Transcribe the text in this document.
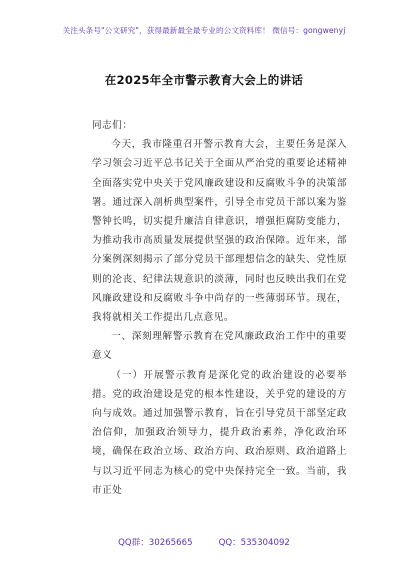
关注头条号"公文研究"，获得最新最全最专业的公文资料库！ 微信号：gongwenyj
在2025年全市警示教育大会上的讲话

同志们：

今天，我市隆重召开警示教育大会，主要任务是深入学习领会习近平总书记关于全面从严治党的重要论述精神全面落实党中央关于党风廉政建设和反腐败斗争的决策部署。通过深入剖析典型案件，引导全市党员干部以案为鉴警钟长鸣，切实提升廉洁自律意识，增强拒腐防变能力，为推动我市高质量发展提供坚强的政治保障。近年来，部分案例深刻揭示了部分党员干部理想信念的缺失、党性原则的沦丧、纪律法规意识的淡薄，同时也反映出我们在党风廉政建设和反腐败斗争中尚存的一些薄弱环节。现在，我将就相关工作提出几点意见。

一、深刻理解警示教育在党风廉政政治工作中的重要意义

（一）开展警示教育是深化党的政治建设的必要举措。党的政治建设是党的根本性建设，关乎党的建设的方向与成效。通过加强警示教育，旨在引导党员干部坚定政治信仰，加强政治领导力，提升政治素养，净化政治环境，确保在政治立场、政治方向、政治原则、政治道路上与以习近平同志为核心的党中央保持完全一致。当前，我市正处

QQ群：30265665	QQ：535304092
